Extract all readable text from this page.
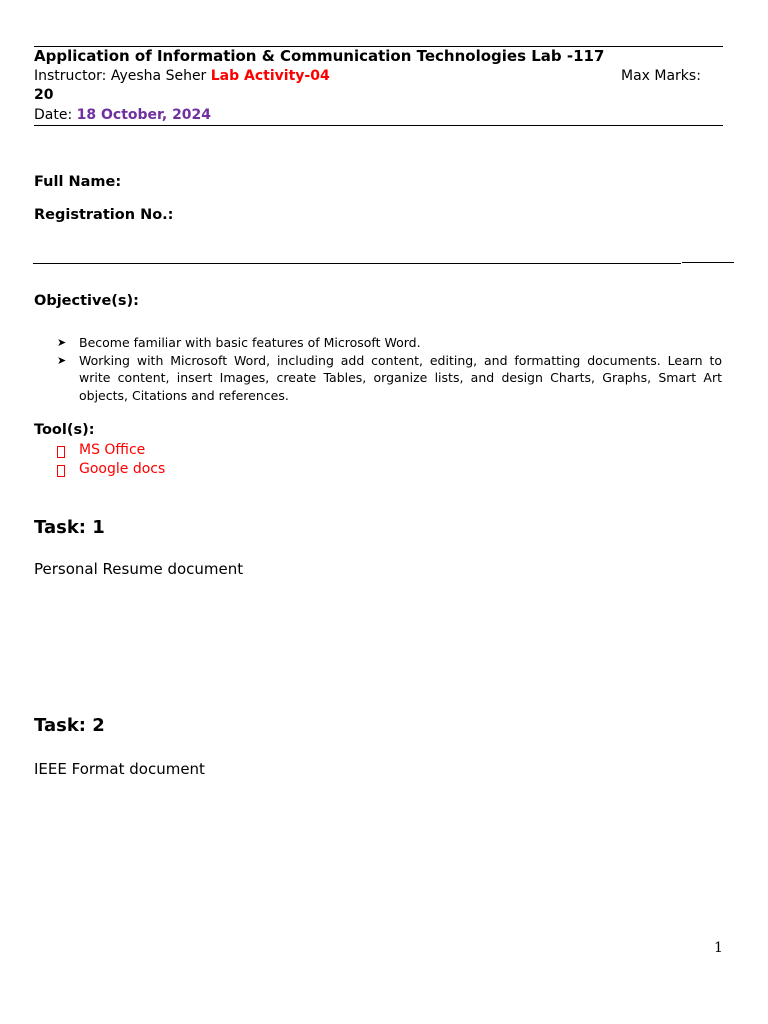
Application of Information & Communication Technologies Lab -117
Instructor: Ayesha Seher Lab Activity-04	Max Marks:
20
Date: 18 October, 2024
Full Name:
Registration No.:
Objective(s):
➤ Become familiar with basic features of Microsoft Word.
➤ Working with Microsoft Word, including add content, editing, and formatting documents. Learn to write content, insert Images, create Tables, organize lists, and design Charts, Graphs, Smart Art objects, Citations and references.
Tool(s):
MS Office
Google docs
Task: 1
Personal Resume document
Task: 2
IEEE Format document
1
